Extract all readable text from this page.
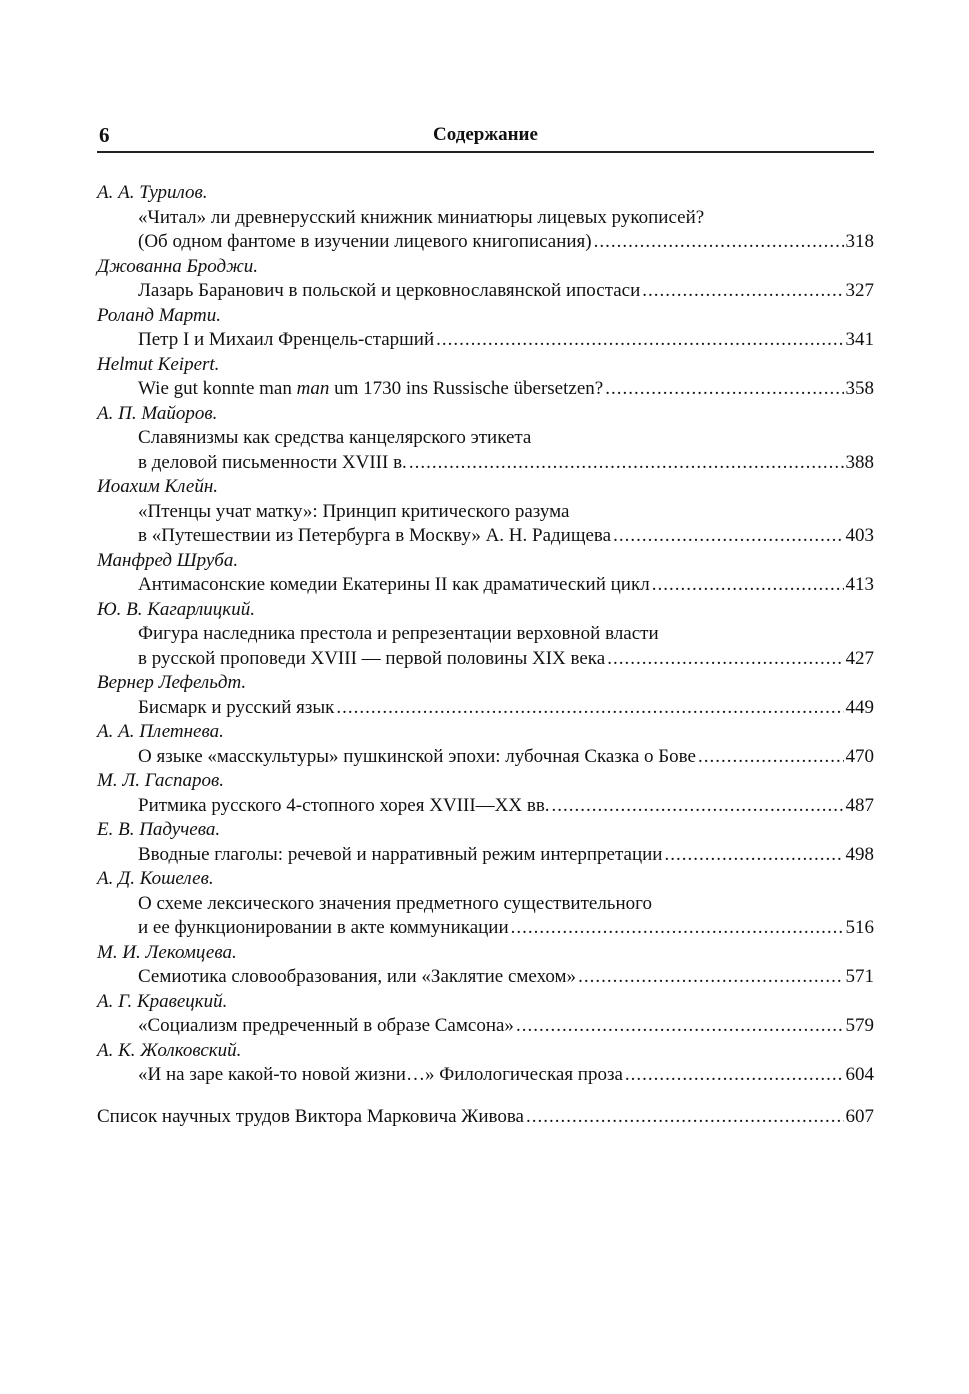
6	Содержание
А. А. Турилов.
«Читал» ли древнерусский книжник миниатюры лицевых рукописей?
(Об одном фантоме в изучении лицевого книгописания) .....	318
Джованна Броджи.
Лазарь Баранович в польской и церковнославянской ипостаси .....	327
Роланд Марти.
Петр I и Михаил Френцель-старший .....	341
Helmut Keipert.
Wie gut konnte man man um 1730 ins Russische übersetzen? .....	358
А. П. Майоров.
Славянизмы как средства канцелярского этикета
в деловой письменности XVIII в. .....	388
Иоахим Клейн.
«Птенцы учат матку»: Принцип критического разума
в «Путешествии из Петербурга в Москву» А. Н. Радищева .....	403
Манфред Шруба.
Антимасонские комедии Екатерины II как драматический цикл .....	413
Ю. В. Кагарлицкий.
Фигура наследника престола и репрезентации верховной власти
в русской проповеди XVIII — первой половины XIX века .....	427
Вернер Лефельдт.
Бисмарк и русский язык .....	449
А. А. Плетнева.
О языке «масскультуры» пушкинской эпохи: лубочная Сказка о Бове .....	470
М. Л. Гаспаров.
Ритмика русского 4-стопного хорея XVIII—XX вв. .....	487
Е. В. Падучева.
Вводные глаголы: речевой и нарративный режим интерпретации .....	498
А. Д. Кошелев.
О схеме лексического значения предметного существительного
и ее функционировании в акте коммуникации .....	516
М. И. Лекомцева.
Семиотика словообразования, или «Заклятие смехом» .....	571
А. Г. Кравецкий.
«Социализм предреченный в образе Самсона» .....	579
А. К. Жолковский.
«И на заре какой-то новой жизни…» Филологическая проза .....	604
Список научных трудов Виктора Марковича Живова .....	607
